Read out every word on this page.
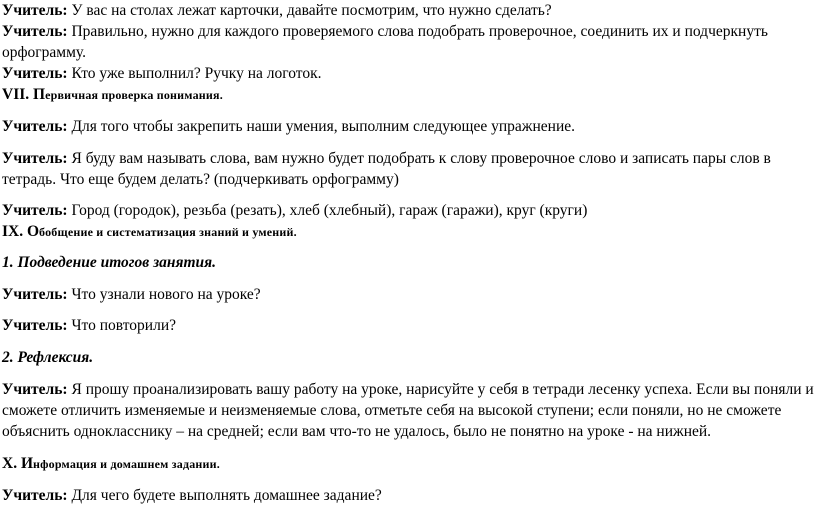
Учитель: У вас на столах лежат карточки, давайте посмотрим, что нужно сделать?

Учитель: Правильно, нужно для каждого проверяемого слова подобрать проверочное, соединить их и подчеркнуть орфограмму.

Учитель: Кто уже выполнил? Ручку на логоток.

VII. Первичная проверка понимания.

Учитель: Для того чтобы закрепить наши умения, выполним следующее упражнение.

Учитель: Я буду вам называть слова, вам нужно будет подобрать к слову проверочное слово и записать пары слов в тетрадь. Что еще будем делать? (подчеркивать орфограмму)

Учитель: Город (городок), резьба (резать), хлеб (хлебный), гараж (гаражи), круг (круги)

IX. Обобщение и систематизация знаний и умений.

1. Подведение итогов занятия.

Учитель: Что узнали нового на уроке?

Учитель: Что повторили?

2. Рефлексия.

Учитель: Я прошу проанализировать вашу работу на уроке, нарисуйте у себя в тетради лесенку успеха. Если вы поняли и сможете отличить изменяемые и неизменяемые слова, отметьте себя на высокой ступени; если поняли, но не сможете объяснить однокласснику – на средней; если вам что-то не удалось, было не понятно на уроке - на нижней.

X. Информация и домашнем задании.

Учитель: Для чего будете выполнять домашнее задание?
